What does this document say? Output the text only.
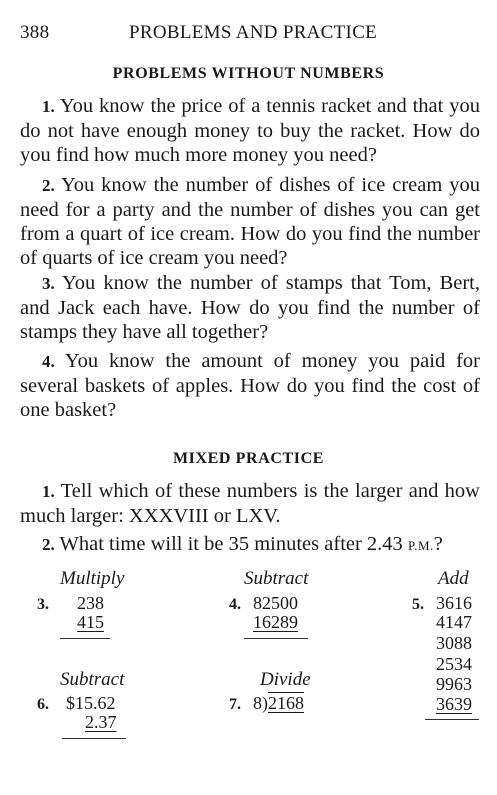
388	PROBLEMS AND PRACTICE
PROBLEMS WITHOUT NUMBERS
1. You know the price of a tennis racket and that you do not have enough money to buy the racket. How do you find how much more money you need?
2. You know the number of dishes of ice cream you need for a party and the number of dishes you can get from a quart of ice cream. How do you find the number of quarts of ice cream you need?
3. You know the number of stamps that Tom, Bert, and Jack each have. How do you find the number of stamps they have all together?
4. You know the amount of money you paid for several baskets of apples. How do you find the cost of one basket?
MIXED PRACTICE
1. Tell which of these numbers is the larger and how much larger: XXXVIII or LXV.
2. What time will it be 35 minutes after 2.43 P.M.?
Multiply
3. 238
415
Subtract
4. 82500
16289
Add
5. 3616
4147
3088
2534
9963
3639
Subtract
6. $15.62
2.37
Divide
7. 8)2168
